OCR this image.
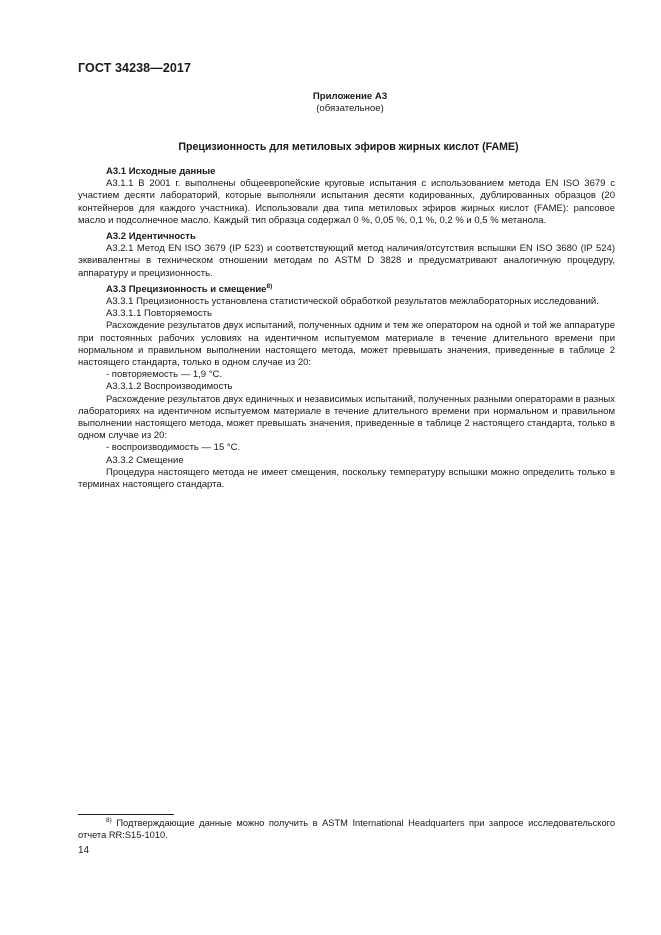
ГОСТ 34238—2017
Приложение А3
(обязательное)
Прецизионность для метиловых эфиров жирных кислот (FAME)

А3.1 Исходные данные

А3.1.1 В 2001 г. выполнены общеевропейские круговые испытания с использованием метода EN ISO 3679 с участием десяти лабораторий, которые выполняли испытания десяти кодированных, дублированных образцов (20 контейнеров для каждого участника). Использовали два типа метиловых эфиров жирных кислот (FAME): рапсовое масло и подсолнечное масло. Каждый тип образца содержал 0 %, 0,05 %, 0,1 %, 0,2 % и 0,5 % метанола.

А3.2 Идентичность

А3.2.1 Метод EN ISO 3679 (IP 523) и соответствующий метод наличия/отсутствия вспышки EN ISO 3680 (IP 524) эквивалентны в техническом отношении методам по ASTM D 3828 и предусматривают аналогичную процедуру, аппаратуру и прецизионность.

А3.3 Прецизионность и смещение$^{8)}$

А3.3.1 Прецизионность установлена статистической обработкой результатов межлабораторных исследований.

А3.3.1.1 Повторяемость

Расхождение результатов двух испытаний, полученных одним и тем же оператором на одной и той же аппаратуре при постоянных рабочих условиях на идентичном испытуемом материале в течение длительного времени при нормальном и правильном выполнении настоящего метода, может превышать значения, приведенные в таблице 2 настоящего стандарта, только в одном случае из 20:

- повторяемость — 1,9 °С.

А3.3.1.2 Воспроизводимость

Расхождение результатов двух единичных и независимых испытаний, полученных разными операторами в разных лабораториях на идентичном испытуемом материале в течение длительного времени при нормальном и правильном выполнении настоящего метода, может превышать значения, приведенные в таблице 2 настоящего стандарта, только в одном случае из 20:

- воспроизводимость — 15 °С.

А3.3.2 Смещение

Процедура настоящего метода не имеет смещения, поскольку температуру вспышки можно определить только в терминах настоящего стандарта.

$^{8)}$ Подтверждающие данные можно получить в ASTM International Headquarters при запросе исследовательского отчета RR:S15-1010.
14
